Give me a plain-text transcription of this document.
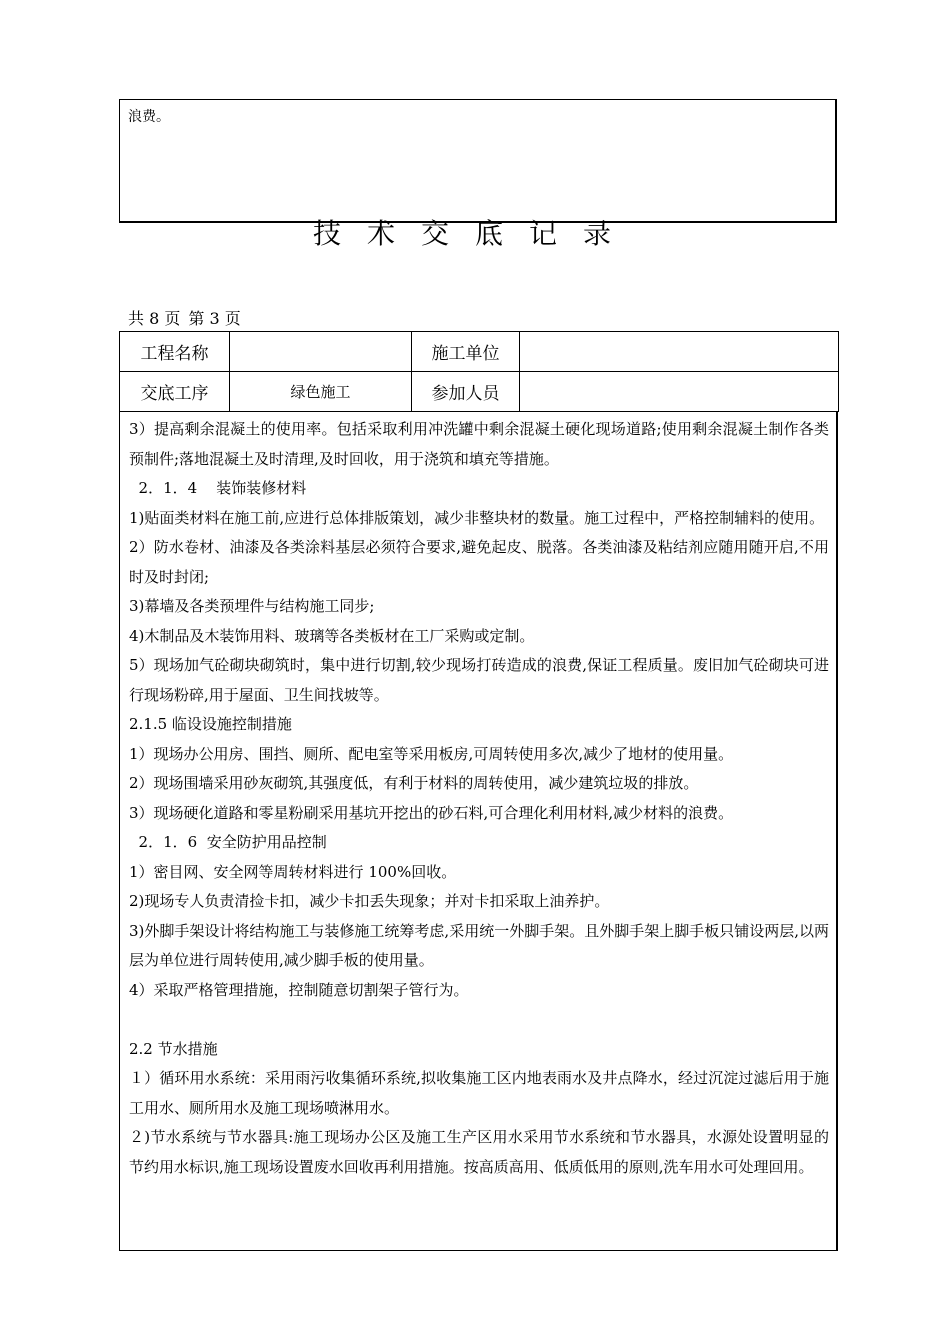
浪费。
技术交底记录
共 8 页 第 3 页
工程名称		施工单位	
交底工序	绿色施工	参加人员	

3）提高剩余混凝土的使用率。包括采取利用冲洗罐中剩余混凝土硬化现场道路;使用剩余混凝土制作各类预制件;落地混凝土及时清理,及时回收，用于浇筑和填充等措施。

2．1．4    装饰装修材料

1)贴面类材料在施工前,应进行总体排版策划，减少非整块材的数量。施工过程中，严格控制辅料的使用。

2）防水卷材、油漆及各类涂料基层必须符合要求,避免起皮、脱落。各类油漆及粘结剂应随用随开启,不用时及时封闭;

3)幕墙及各类预埋件与结构施工同步;

4)木制品及木装饰用料、玻璃等各类板材在工厂采购或定制。

5）现场加气砼砌块砌筑时，集中进行切割,较少现场打砖造成的浪费,保证工程质量。废旧加气砼砌块可进行现场粉碎,用于屋面、卫生间找坡等。

2.1.5 临设设施控制措施

1）现场办公用房、围挡、厕所、配电室等采用板房,可周转使用多次,减少了地材的使用量。

2）现场围墙采用砂灰砌筑,其强度低，有利于材料的周转使用，减少建筑垃圾的排放。

3）现场硬化道路和零星粉刷采用基坑开挖出的砂石料,可合理化利用材料,减少材料的浪费。

2．1．6  安全防护用品控制

1）密目网、安全网等周转材料进行 100%回收。

2)现场专人负责清捡卡扣，减少卡扣丢失现象；并对卡扣采取上油养护。

3)外脚手架设计将结构施工与装修施工统筹考虑,采用统一外脚手架。且外脚手架上脚手板只铺设两层,以两层为单位进行周转使用,减少脚手板的使用量。

4）采取严格管理措施，控制随意切割架子管行为。

2.2 节水措施

１）循环用水系统：采用雨污收集循环系统,拟收集施工区内地表雨水及井点降水，经过沉淀过滤后用于施工用水、厕所用水及施工现场喷淋用水。

２)节水系统与节水器具:施工现场办公区及施工生产区用水采用节水系统和节水器具，水源处设置明显的节约用水标识,施工现场设置废水回收再利用措施。按高质高用、低质低用的原则,洗车用水可处理回用。
